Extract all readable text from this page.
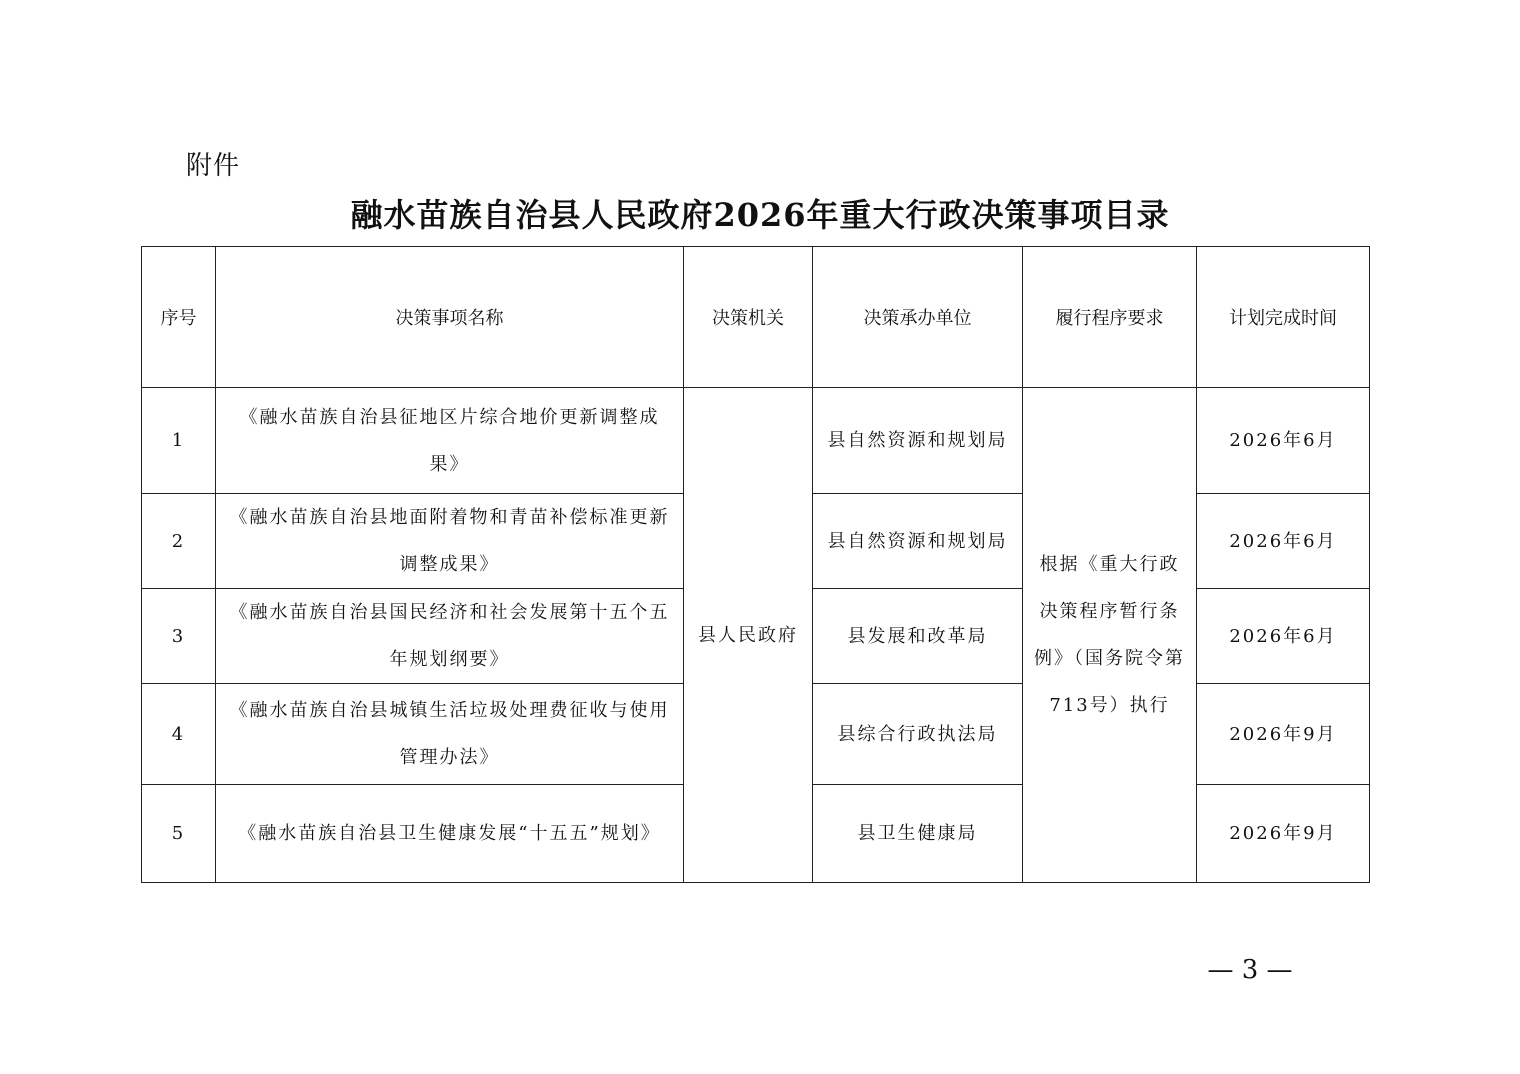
附件
融水苗族自治县人民政府2026年重大行政决策事项目录
序号	决策事项名称	决策机关	决策承办单位	履行程序要求	计划完成时间
1	《融水苗族自治县征地区片综合地价更新调整成果》	县人民政府	县自然资源和规划局	根据《重大行政决策程序暂行条例》（国务院令第713号）执行	2026年6月
2	《融水苗族自治县地面附着物和青苗补偿标准更新调整成果》		县自然资源和规划局		2026年6月
3	《融水苗族自治县国民经济和社会发展第十五个五年规划纲要》		县发展和改革局		2026年6月
4	《融水苗族自治县城镇生活垃圾处理费征收与使用管理办法》		县综合行政执法局		2026年9月
5	《融水苗族自治县卫生健康发展“十五五”规划》		县卫生健康局		2026年9月
— 3 —
